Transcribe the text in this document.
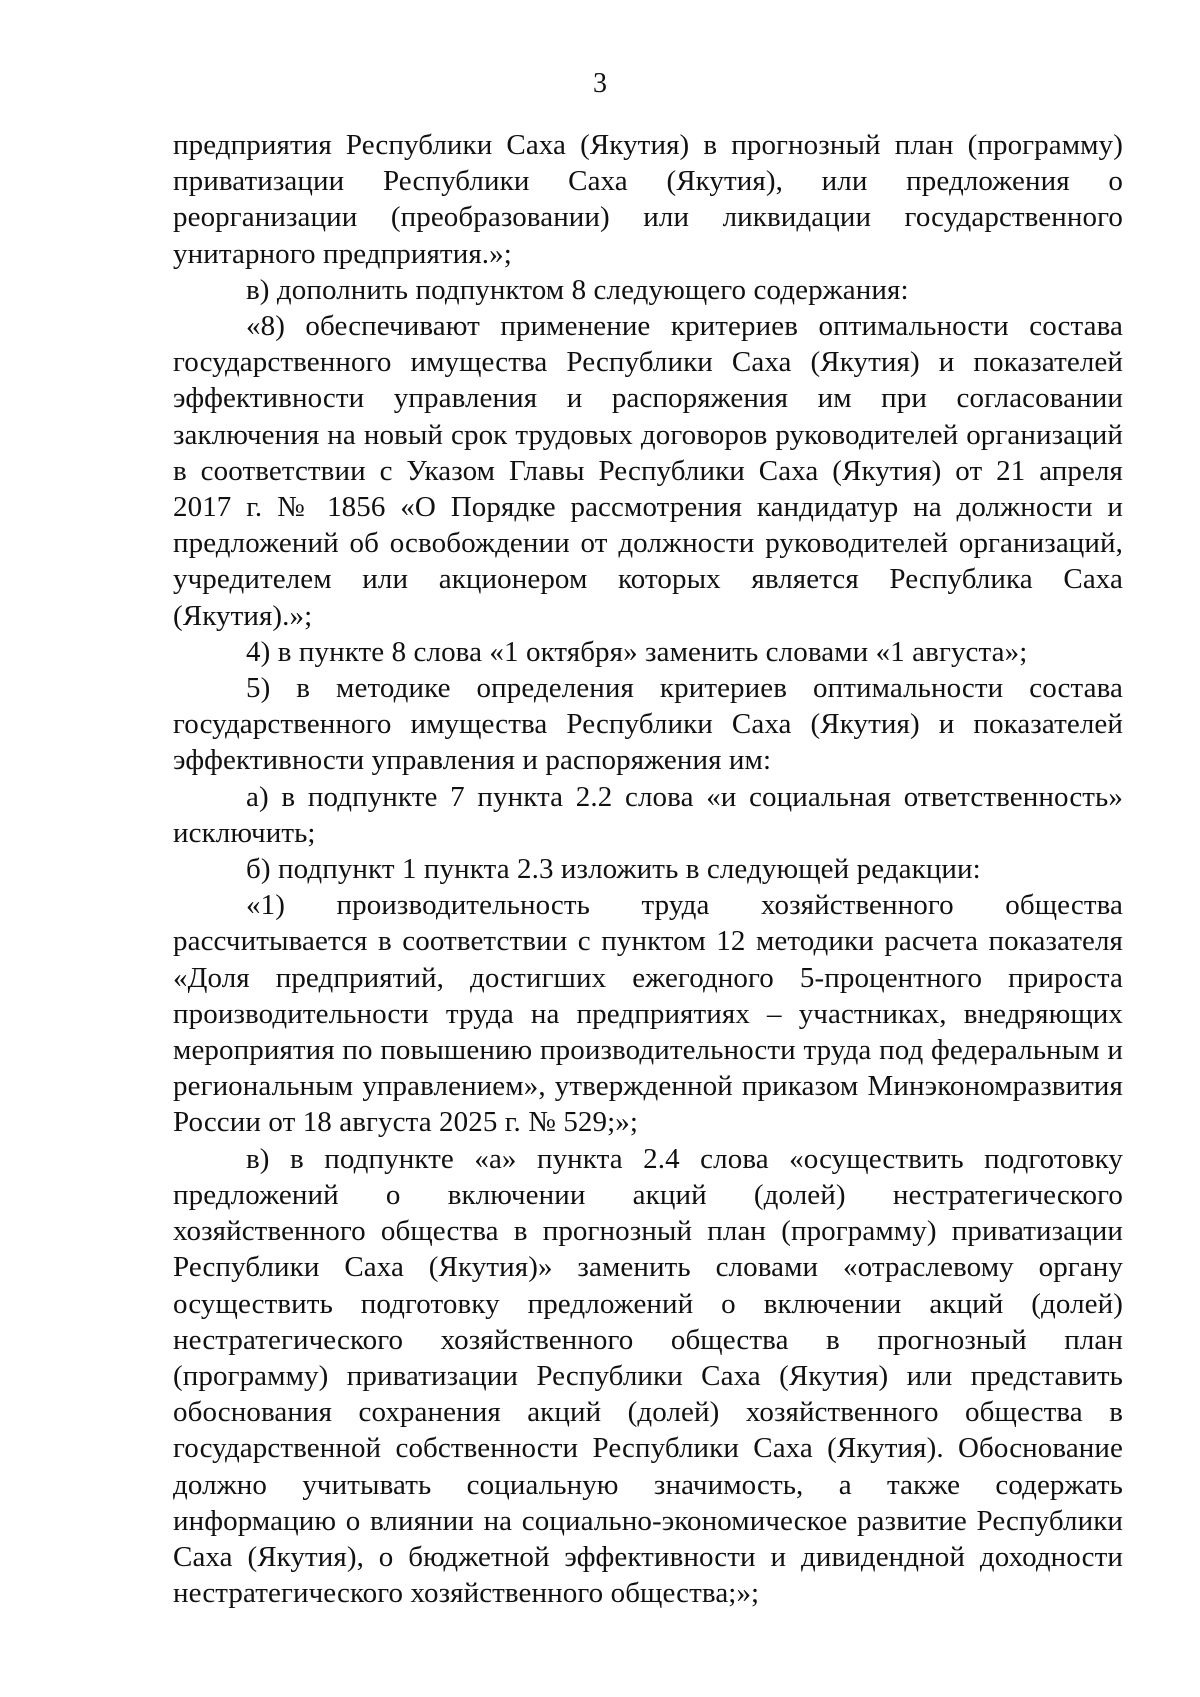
3

предприятия Республики Саха (Якутия) в прогнозный план (программу) приватизации Республики Саха (Якутия), или предложения о реорганизации (преобразовании) или ликвидации государственного унитарного предприятия.»;

в) дополнить подпунктом 8 следующего содержания:

«8) обеспечивают применение критериев оптимальности состава государственного имущества Республики Саха (Якутия) и показателей эффективности управления и распоряжения им при согласовании заключения на новый срок трудовых договоров руководителей организаций в соответствии с Указом Главы Республики Саха (Якутия) от 21 апреля 2017 г. № 1856 «О Порядке рассмотрения кандидатур на должности и предложений об освобождении от должности руководителей организаций, учредителем или акционером которых является Республика Саха (Якутия).»;

4) в пункте 8 слова «1 октября» заменить словами «1 августа»;

5) в методике определения критериев оптимальности состава государственного имущества Республики Саха (Якутия) и показателей эффективности управления и распоряжения им:

а) в подпункте 7 пункта 2.2 слова «и социальная ответственность» исключить;

б) подпункт 1 пункта 2.3 изложить в следующей редакции:

«1) производительность труда хозяйственного общества рассчитывается в соответствии с пунктом 12 методики расчета показателя «Доля предприятий, достигших ежегодного 5-процентного прироста производительности труда на предприятиях – участниках, внедряющих мероприятия по повышению производительности труда под федеральным и региональным управлением», утвержденной приказом Минэкономразвития России от 18 августа 2025 г. № 529;»;

в) в подпункте «а» пункта 2.4 слова «осуществить подготовку предложений о включении акций (долей) нестратегического хозяйственного общества в прогнозный план (программу) приватизации Республики Саха (Якутия)» заменить словами «отраслевому органу осуществить подготовку предложений о включении акций (долей) нестратегического хозяйственного общества в прогнозный план (программу) приватизации Республики Саха (Якутия) или представить обоснования сохранения акций (долей) хозяйственного общества в государственной собственности Республики Саха (Якутия). Обоснование должно учитывать социальную значимость, а также содержать информацию о влиянии на социально-экономическое развитие Республики Саха (Якутия), о бюджетной эффективности и дивидендной доходности нестратегического хозяйственного общества;»;
